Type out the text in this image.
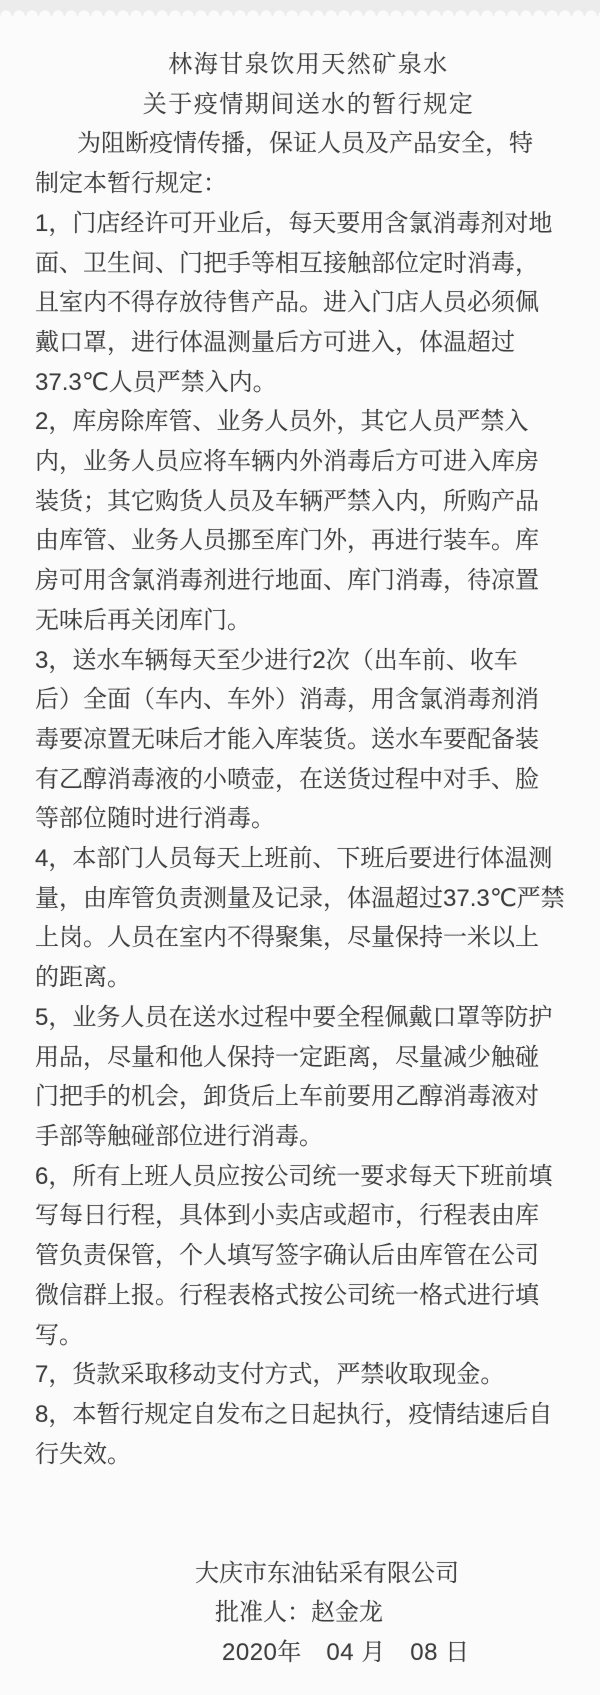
林海甘泉饮用天然矿泉水
关于疫情期间送水的暂行规定
为阻断疫情传播，保证人员及产品安全，特
制定本暂行规定：
1，门店经许可开业后，每天要用含氯消毒剂对地
面、卫生间、门把手等相互接触部位定时消毒，
且室内不得存放待售产品。进入门店人员必须佩
戴口罩，进行体温测量后方可进入，体温超过
37.3℃人员严禁入内。
2，库房除库管、业务人员外，其它人员严禁入
内，业务人员应将车辆内外消毒后方可进入库房
装货；其它购货人员及车辆严禁入内，所购产品
由库管、业务人员挪至库门外，再进行装车。库
房可用含氯消毒剂进行地面、库门消毒，待凉置
无味后再关闭库门。
3，送水车辆每天至少进行2次（出车前、收车
后）全面（车内、车外）消毒，用含氯消毒剂消
毒要凉置无味后才能入库装货。送水车要配备装
有乙醇消毒液的小喷壶，在送货过程中对手、脸
等部位随时进行消毒。
4，本部门人员每天上班前、下班后要进行体温测
量，由库管负责测量及记录，体温超过37.3℃严禁
上岗。人员在室内不得聚集，尽量保持一米以上
的距离。
5，业务人员在送水过程中要全程佩戴口罩等防护
用品，尽量和他人保持一定距离，尽量减少触碰
门把手的机会，卸货后上车前要用乙醇消毒液对
手部等触碰部位进行消毒。
6，所有上班人员应按公司统一要求每天下班前填
写每日行程，具体到小卖店或超市，行程表由库
管负责保管，个人填写签字确认后由库管在公司
微信群上报。行程表格式按公司统一格式进行填
写。
7，货款采取移动支付方式，严禁收取现金。
8，本暂行规定自发布之日起执行，疫情结速后自
行失效。
大庆市东油钻采有限公司
批准人：赵金龙
2020年　04 月　08 日
